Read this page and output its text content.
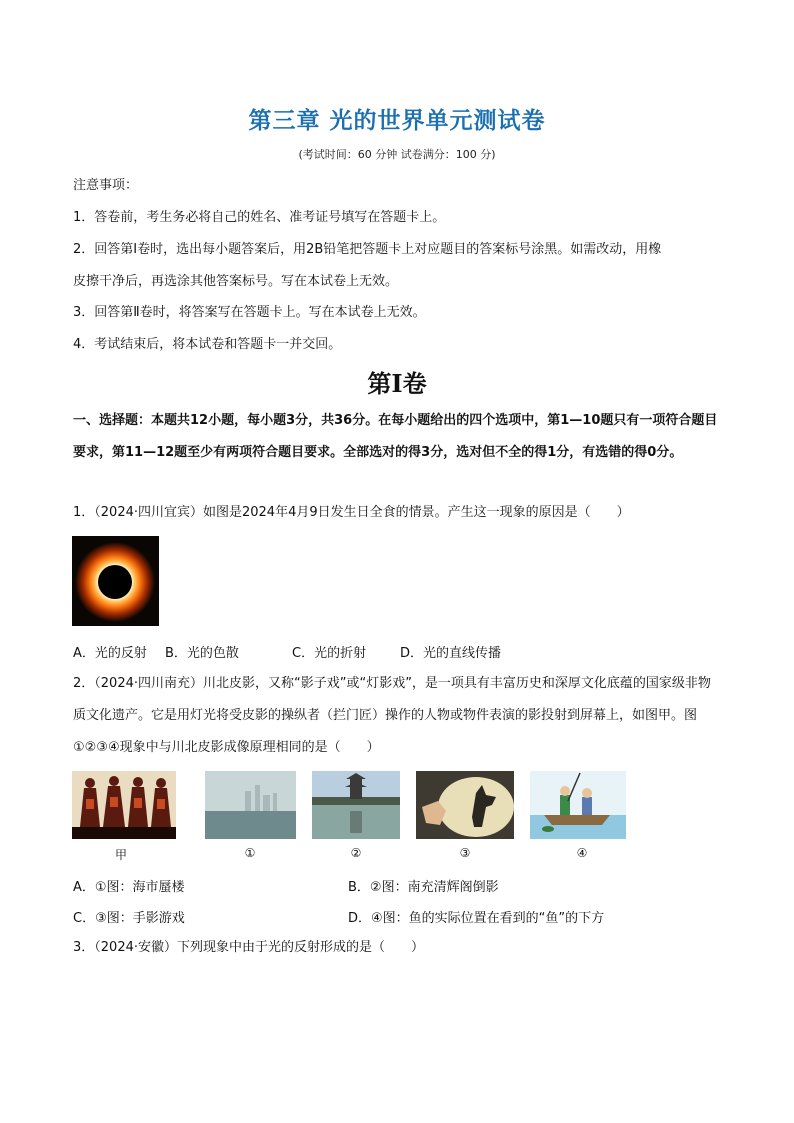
第三章 光的世界单元测试卷
(考试时间：60 分钟 试卷满分：100 分)
注意事项：
1．答卷前，考生务必将自己的姓名、准考证号填写在答题卡上。
2．回答第Ⅰ卷时，选出每小题答案后，用2B铅笔把答题卡上对应题目的答案标号涂黑。如需改动，用橡
皮擦干净后，再选涂其他答案标号。写在本试卷上无效。
3．回答第Ⅱ卷时，将答案写在答题卡上。写在本试卷上无效。
4．考试结束后，将本试卷和答题卡一并交回。
第Ⅰ卷
一、选择题：本题共12小题，每小题3分，共36分。在每小题给出的四个选项中，第1—10题只有一项符合题目要求，第11—12题至少有两项符合题目要求。全部选对的得3分，选对但不全的得1分，有选错的得0分。
1．（2024·四川宜宾）如图是2024年4月9日发生日全食的情景。产生这一现象的原因是（　　）
A．光的反射 B．光的色散	C．光的折射	D．光的直线传播
2．（2024·四川南充）川北皮影，又称“影子戏”或“灯影戏”，是一项具有丰富历史和深厚文化底蕴的国家级非物质文化遗产。它是用灯光将受皮影的操纵者（拦门匠）操作的人物或物件表演的影投射到屏幕上，如图甲。图①②③④现象中与川北皮影成像原理相同的是（　　）
甲	①	②	③	④
A．①图：海市蜃楼	B．②图：南充清辉阁倒影
C．③图：手影游戏	D．④图：鱼的实际位置在看到的“鱼”的下方
3．（2024·安徽）下列现象中由于光的反射形成的是（　　）
